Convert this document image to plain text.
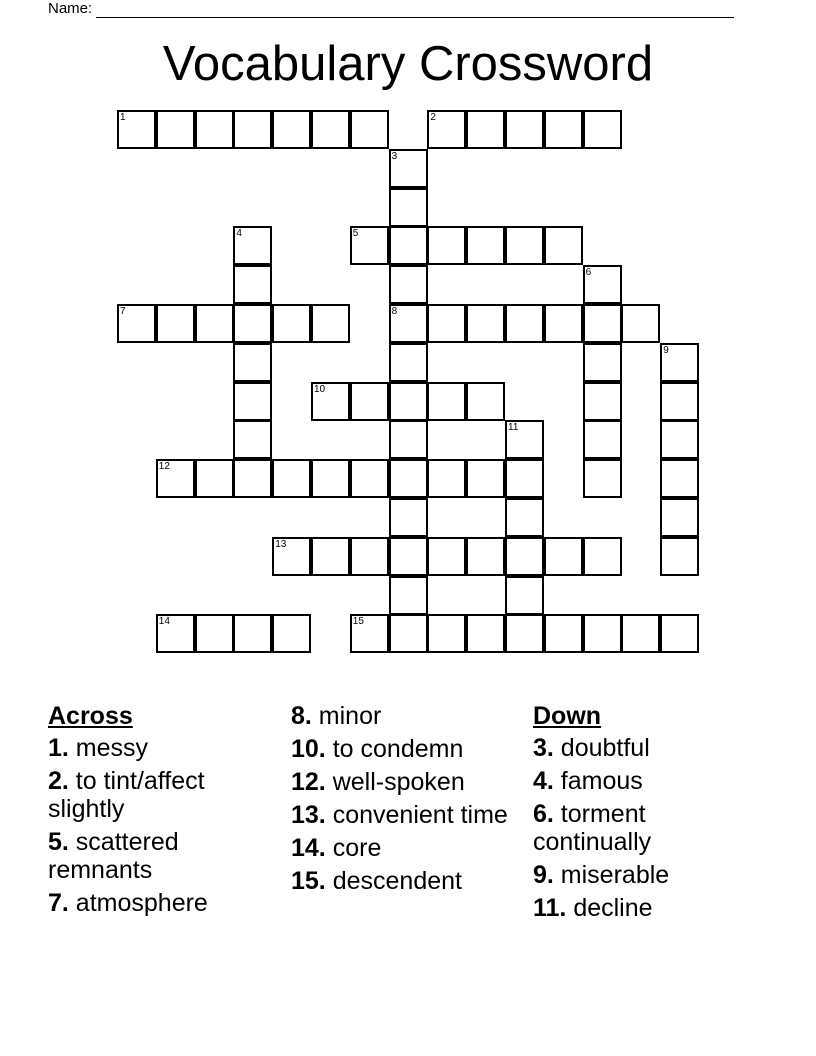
Name:
Vocabulary Crossword
1	2
3
8
4	5
6
7
9
10
11
12
13
14	15
Across
1. messy
2. to tint/affect slightly
5. scattered remnants
7. atmosphere
8. minor
10. to condemn
12. well-spoken
13. convenient time
14. core
15. descendent
Down
3. doubtful
4. famous
6. torment continually
9. miserable
11. decline
